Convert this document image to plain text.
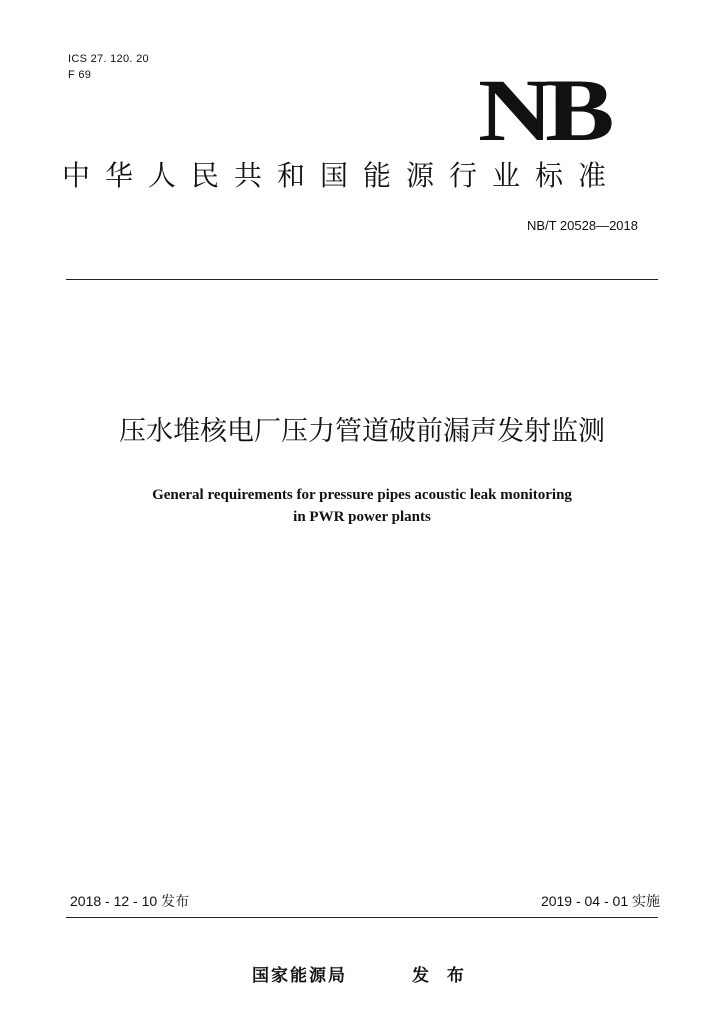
ICS 27. 120. 20
F 69	NB
中华人民共和国能源行业标准
NB/T 20528—2018
压水堆核电厂压力管道破前漏声发射监测
General requirements for pressure pipes acoustic leak monitoring
in PWR power plants
2018 - 12 - 10 发布	2019 - 04 - 01 实施
国家能源局	发 布
